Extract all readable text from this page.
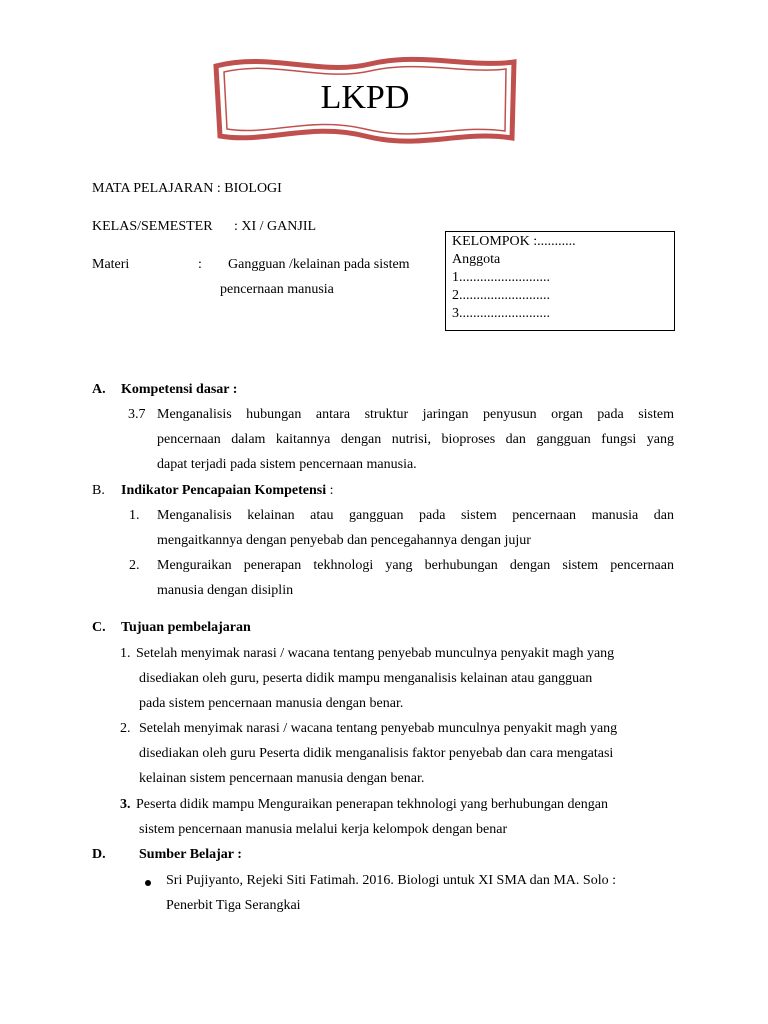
LKPD
MATA PELAJARAN : BIOLOGI
KELAS/SEMESTER : XI / GANJIL
Materi	: Gangguan /kelainan pada sistem
pencernaan manusia
KELOMPOK :...........
Anggota
1..........................
2..........................
3..........................
A. Kompetensi dasar :
3.7 Menganalisis hubungan antara struktur jaringan penyusun organ pada sistem
pencernaan dalam kaitannya dengan nutrisi, bioproses dan gangguan fungsi yang
dapat terjadi pada sistem pencernaan manusia.
B. Indikator Pencapaian Kompetensi :
1. Menganalisis kelainan atau gangguan pada sistem pencernaan manusia dan
mengaitkannya dengan penyebab dan pencegahannya dengan jujur
2. Menguraikan penerapan tekhnologi yang berhubungan dengan sistem pencernaan
manusia dengan disiplin
C. Tujuan pembelajaran
1. Setelah menyimak narasi / wacana tentang penyebab munculnya penyakit magh yang
disediakan oleh guru, peserta didik mampu menganalisis kelainan atau gangguan
pada sistem pencernaan manusia dengan benar.
2. Setelah menyimak narasi / wacana tentang penyebab munculnya penyakit magh yang
disediakan oleh guru Peserta didik menganalisis faktor penyebab dan cara mengatasi
kelainan sistem pencernaan manusia dengan benar.
3. Peserta didik mampu Menguraikan penerapan tekhnologi yang berhubungan dengan
sistem pencernaan manusia melalui kerja kelompok dengan benar
D. Sumber Belajar :
Sri Pujiyanto, Rejeki Siti Fatimah. 2016. Biologi untuk XI SMA dan MA. Solo :
Penerbit Tiga Serangkai
